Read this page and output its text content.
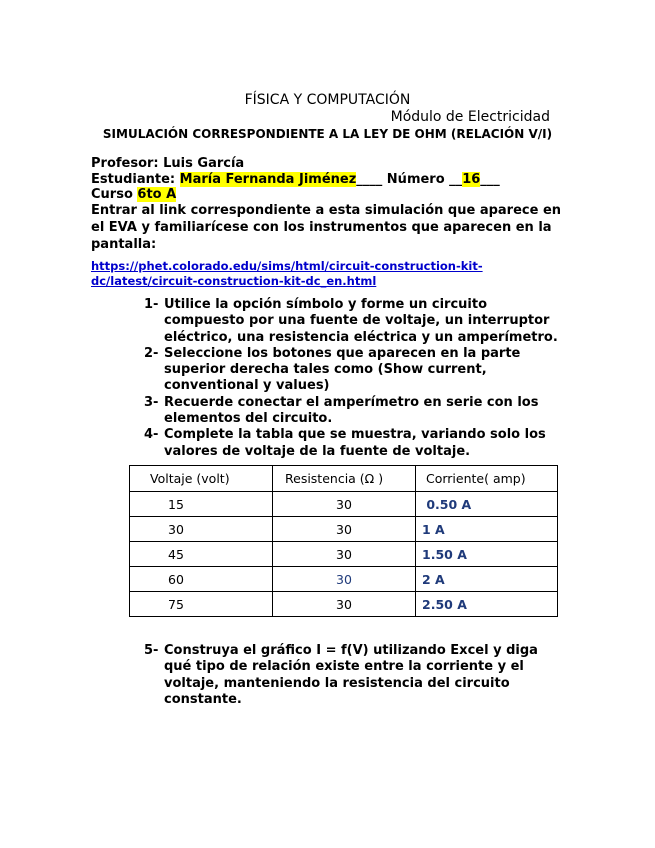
FÍSICA Y COMPUTACIÓN
Módulo de Electricidad
SIMULACIÓN CORRESPONDIENTE A LA LEY DE OHM (RELACIÓN V/I)
Profesor: Luis García
Estudiante: María Fernanda Jiménez____ Número __16___
Curso 6to A
Entrar al link correspondiente a esta simulación que aparece en el EVA y familiarícese con los instrumentos que aparecen en la pantalla:
https://phet.colorado.edu/sims/html/circuit-construction-kit-dc/latest/circuit-construction-kit-dc_en.html
1- Utilice la opción símbolo y forme un circuito compuesto por una fuente de voltaje, un interruptor eléctrico, una resistencia eléctrica y un amperímetro.
2- Seleccione los botones que aparecen en la parte superior derecha tales como (Show current, conventional y values)
3- Recuerde conectar el amperímetro en serie con los elementos del circuito.
4- Complete la tabla que se muestra, variando solo los valores de voltaje de la fuente de voltaje.
Voltaje (volt)	Resistencia (Ω )	Corriente( amp)
15	30	0.50 A
30	30	1 A
45	30	1.50 A
60	30	2 A
75	30	2.50 A
5- Construya el gráfico I = f(V) utilizando Excel y diga qué tipo de relación existe entre la corriente y el voltaje, manteniendo la resistencia del circuito constante.
